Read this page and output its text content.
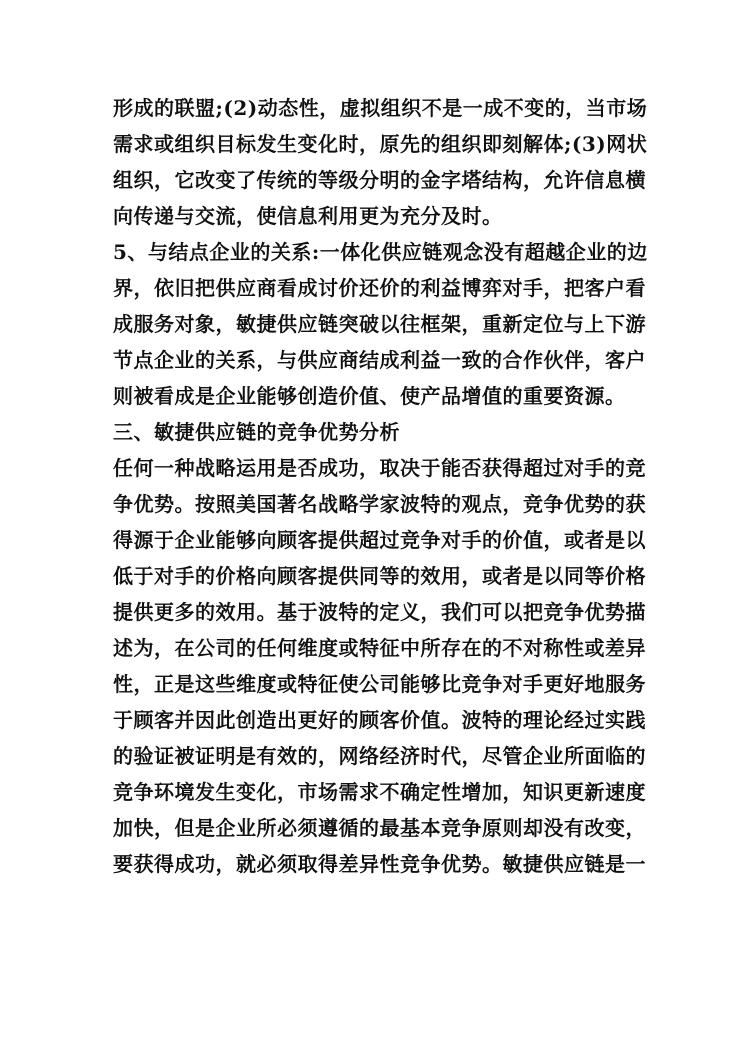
形成的联盟;(2)动态性，虚拟组织不是一成不变的，当市场
需求或组织目标发生变化时，原先的组织即刻解体;(3)网状
组织，它改变了传统的等级分明的金字塔结构，允许信息横
向传递与交流，使信息利用更为充分及时。
5、与结点企业的关系:一体化供应链观念没有超越企业的边
界，依旧把供应商看成讨价还价的利益博弈对手，把客户看
成服务对象，敏捷供应链突破以往框架，重新定位与上下游
节点企业的关系，与供应商结成利益一致的合作伙伴，客户
则被看成是企业能够创造价值、使产品增值的重要资源。
三、敏捷供应链的竞争优势分析
任何一种战略运用是否成功，取决于能否获得超过对手的竞
争优势。按照美国著名战略学家波特的观点，竞争优势的获
得源于企业能够向顾客提供超过竞争对手的价值，或者是以
低于对手的价格向顾客提供同等的效用，或者是以同等价格
提供更多的效用。基于波特的定义，我们可以把竞争优势描
述为，在公司的任何维度或特征中所存在的不对称性或差异
性，正是这些维度或特征使公司能够比竞争对手更好地服务
于顾客并因此创造出更好的顾客价值。波特的理论经过实践
的验证被证明是有效的，网络经济时代，尽管企业所面临的
竞争环境发生变化，市场需求不确定性增加，知识更新速度
加快，但是企业所必须遵循的最基本竞争原则却没有改变，
要获得成功，就必须取得差异性竞争优势。敏捷供应链是一
